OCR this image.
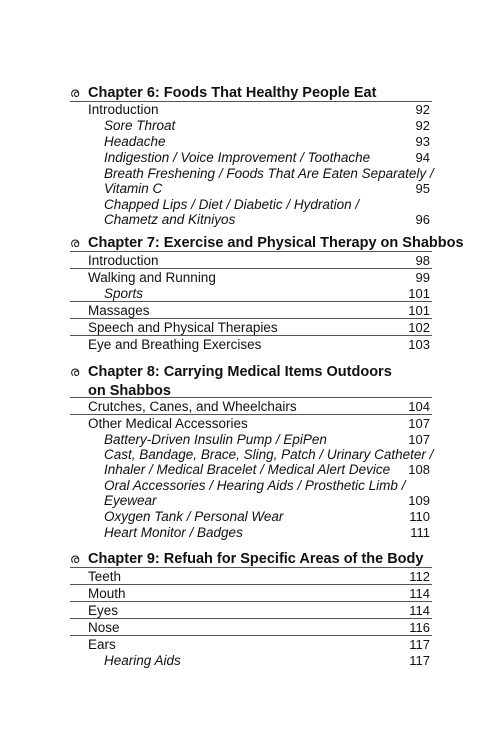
ര Chapter 6: Foods That Healthy People Eat
Introduction	92
Sore Throat	92
Headache	93
Indigestion / Voice Improvement / Toothache	94
Breath Freshening / Foods That Are Eaten Separately /
Vitamin C	95
Chapped Lips / Diet / Diabetic / Hydration /
Chametz and Kitniyos	96
ര Chapter 7: Exercise and Physical Therapy on Shabbos
Introduction	98
Walking and Running	99
Sports	101
Massages	101
Speech and Physical Therapies	102
Eye and Breathing Exercises	103
ര Chapter 8: Carrying Medical Items Outdoors
on Shabbos
Crutches, Canes, and Wheelchairs	104
Other Medical Accessories	107
Battery-Driven Insulin Pump / EpiPen	107
Cast, Bandage, Brace, Sling, Patch / Urinary Catheter /
Inhaler / Medical Bracelet / Medical Alert Device 108
Oral Accessories / Hearing Aids / Prosthetic Limb /
Eyewear	109
Oxygen Tank / Personal Wear	110
Heart Monitor / Badges	111
ര Chapter 9: Refuah for Specific Areas of the Body
Teeth	112
Mouth	114
Eyes	114
Nose	116
Ears	117
Hearing Aids	117
